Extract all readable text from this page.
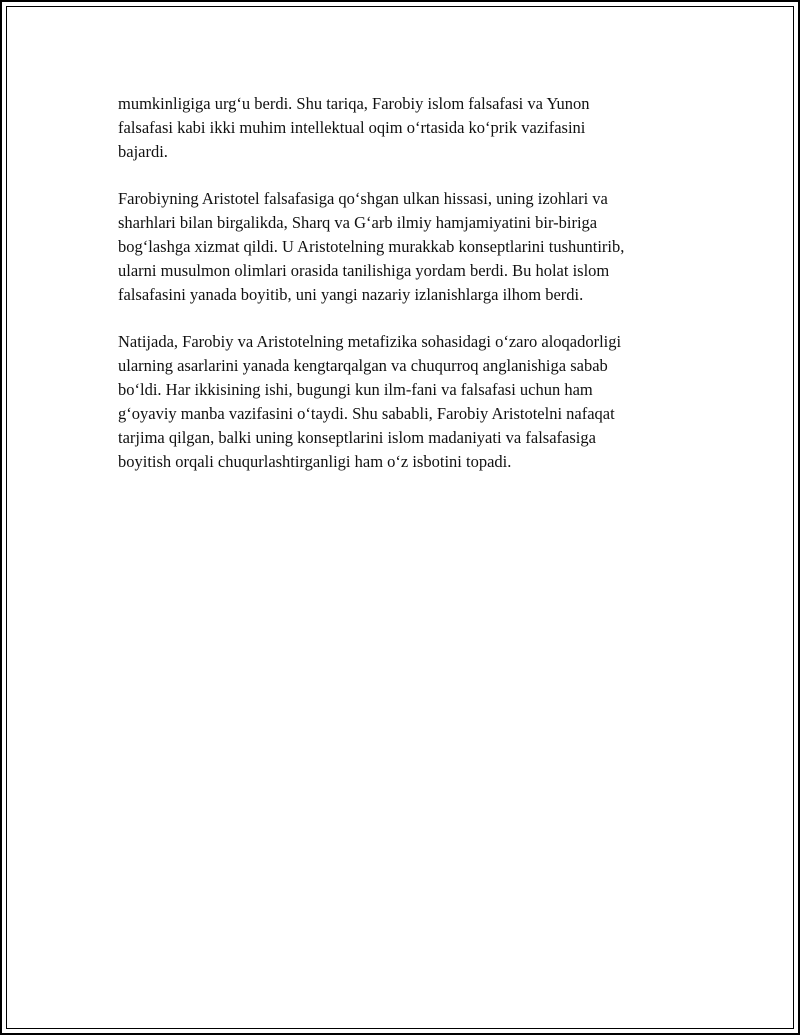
mumkinligiga urg‘u berdi. Shu tariqa, Farobiy islom falsafasi va Yunon
falsafasi kabi ikki muhim intellektual oqim o‘rtasida ko‘prik vazifasini
bajardi.

Farobiyning Aristotel falsafasiga qo‘shgan ulkan hissasi, uning izohlari va
sharhlari bilan birgalikda, Sharq va G‘arb ilmiy hamjamiyatini bir-biriga
bog‘lashga xizmat qildi. U Aristotelning murakkab konseptlarini tushuntirib,
ularni musulmon olimlari orasida tanilishiga yordam berdi. Bu holat islom
falsafasini yanada boyitib, uni yangi nazariy izlanishlarga ilhom berdi.

Natijada, Farobiy va Aristotelning metafizika sohasidagi o‘zaro aloqadorligi
ularning asarlarini yanada kengtarqalgan va chuqurroq anglanishiga sabab
bo‘ldi. Har ikkisining ishi, bugungi kun ilm-fani va falsafasi uchun ham
g‘oyaviy manba vazifasini o‘taydi. Shu sababli, Farobiy Aristotelni nafaqat
tarjima qilgan, balki uning konseptlarini islom madaniyati va falsafasiga
boyitish orqali chuqurlashtirganligi ham o‘z isbotini topadi.
